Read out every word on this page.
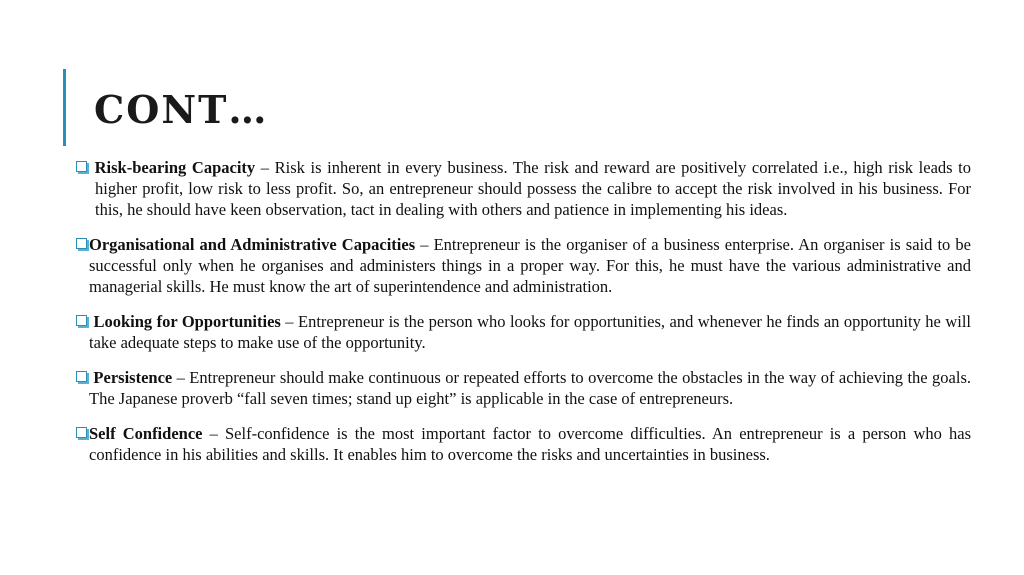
CONT…

Risk-bearing Capacity – Risk is inherent in every business. The risk and reward are positively correlated i.e., high risk leads to higher profit, low risk to less profit. So, an entrepreneur should possess the calibre to accept the risk involved in his business. For this, he should have keen observation, tact in dealing with others and patience in implementing his ideas.

Organisational and Administrative Capacities – Entrepreneur is the organiser of a business enterprise. An organiser is said to be successful only when he organises and administers things in a proper way. For this, he must have the various administrative and managerial skills. He must know the art of superintendence and administration.

Looking for Opportunities – Entrepreneur is the person who looks for opportunities, and whenever he finds an opportunity he will take adequate steps to make use of the opportunity.

Persistence – Entrepreneur should make continuous or repeated efforts to overcome the obstacles in the way of achieving the goals. The Japanese proverb “fall seven times; stand up eight” is applicable in the case of entrepreneurs.

Self Confidence – Self-confidence is the most important factor to overcome difficulties. An entrepreneur is a person who has confidence in his abilities and skills. It enables him to overcome the risks and uncertainties in business.
